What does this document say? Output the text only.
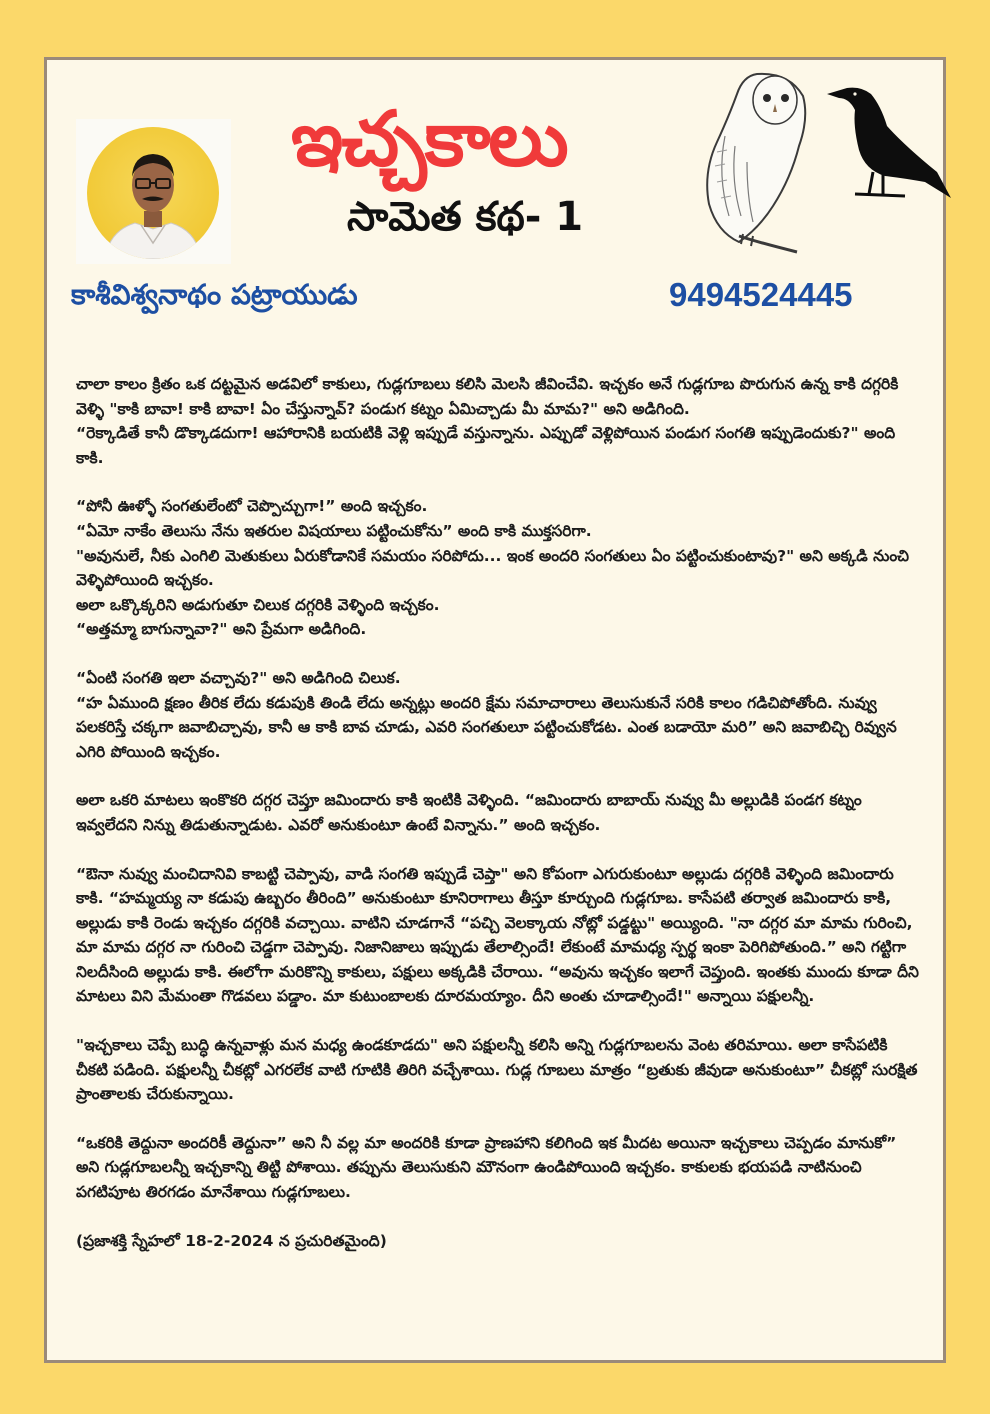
ఇచ్చకాలు
సామెత కథ- 1
కాశీవిశ్వనాథం పట్రాయుడు	9494524445

చాలా కాలం క్రితం ఒక దట్టమైన అడవిలో కాకులు, గుడ్లగూబలు కలిసి మెలసి జీవించేవి. ఇచ్చకం అనే గుడ్లగూబ పొరుగున ఉన్న కాకి దగ్గరికి వెళ్ళి "కాకి బావా! కాకి బావా! ఏం చేస్తున్నావ్? పండుగ కట్నం ఏమిచ్చాడు మీ మామ?" అని అడిగింది.
“రెక్కాడితే కానీ డొక్కాడదుగా! ఆహారానికి బయటికి వెళ్లి ఇప్పుడే వస్తున్నాను. ఎప్పుడో వెళ్లిపోయిన పండుగ సంగతి ఇప్పుడెందుకు?" అంది కాకి.

“పోనీ ఊళ్ళో సంగతులేంటో చెప్పొచ్చుగా!” అంది ఇచ్చకం.
“ఏమో నాకేం తెలుసు నేను ఇతరుల విషయాలు పట్టించుకోను” అంది కాకి ముక్తసరిగా.
"అవునులే, నీకు ఎంగిలి మెతుకులు ఏరుకోడానికే సమయం సరిపోదు... ఇంక అందరి సంగతులు ఏం పట్టించుకుంటావు?" అని అక్కడి నుంచి వెళ్ళిపోయింది ఇచ్చకం.
అలా ఒక్కొక్కరిని అడుగుతూ చిలుక దగ్గరికి వెళ్ళింది ఇచ్చకం.
“అత్తమ్మా బాగున్నావా?" అని ప్రేమగా అడిగింది.

“ఏంటి సంగతి ఇలా వచ్చావు?" అని అడిగింది చిలుక.
“హ ఏముంది క్షణం తీరిక లేదు కడుపుకి తిండి లేదు అన్నట్లు అందరి క్షేమ సమాచారాలు తెలుసుకునే సరికి కాలం గడిచిపోతోంది. నువ్వు పలకరిస్తే చక్కగా జవాబిచ్చావు, కానీ ఆ కాకి బావ చూడు, ఎవరి సంగతులూ పట్టించుకోడట. ఎంత బడాయో మరి” అని జవాబిచ్చి రివ్వున ఎగిరి పోయింది ఇచ్చకం.

అలా ఒకరి మాటలు ఇంకొకరి దగ్గర చెప్తూ జమిందారు కాకి ఇంటికి వెళ్ళింది. “జమిందారు బాబాయ్ నువ్వు మీ అల్లుడికి పండగ కట్నం ఇవ్వలేదని నిన్ను తిడుతున్నాడుట. ఎవరో అనుకుంటూ ఉంటే విన్నాను.” అంది ఇచ్చకం.

“ఔనా నువ్వు మంచిదానివి కాబట్టి చెప్పావు, వాడి సంగతి ఇప్పుడే చెప్తా" అని కోపంగా ఎగురుకుంటూ అల్లుడు దగ్గరికి వెళ్ళింది జమిందారు కాకి. “హమ్మయ్య నా కడుపు ఉబ్బరం తీరింది” అనుకుంటూ కూనిరాగాలు తీస్తూ కూర్చుంది గుడ్లగూబ. కాసేపటి తర్వాత జమిందారు కాకి, అల్లుడు కాకి రెండు ఇచ్చకం దగ్గరికి వచ్చాయి. వాటిని చూడగానే “పచ్చి వెలక్కాయ నోట్లో పడ్డట్టు" అయ్యింది. "నా దగ్గర మా మామ గురించి, మా మామ దగ్గర నా గురించి చెడ్డగా చెప్పావు. నిజానిజాలు ఇప్పుడు తేలాల్సిందే! లేకుంటే మామధ్య స్పర్థ ఇంకా పెరిగిపోతుంది.” అని గట్టిగా నిలదీసింది అల్లుడు కాకి. ఈలోగా మరికొన్ని కాకులు, పక్షులు అక్కడికి చేరాయి. “అవును ఇచ్చకం ఇలాగే చెప్తుంది. ఇంతకు ముందు కూడా దీని మాటలు విని మేమంతా గొడవలు పడ్డాం. మా కుటుంబాలకు దూరమయ్యాం. దీని అంతు చూడాల్సిందే!" అన్నాయి పక్షులన్నీ.

"ఇచ్చకాలు చెప్పే బుద్ధి ఉన్నవాళ్లు మన మధ్య ఉండకూడదు" అని పక్షులన్నీ కలిసి అన్ని గుడ్లగూబలను వెంట తరిమాయి. అలా కాసేపటికి చీకటి పడింది. పక్షులన్నీ చీకట్లో ఎగరలేక వాటి గూటికి తిరిగి వచ్చేశాయి. గుడ్ల గూబలు మాత్రం “బ్రతుకు జీవుడా అనుకుంటూ” చీకట్లో సురక్షిత ప్రాంతాలకు చేరుకున్నాయి.

“ఒకరికి తెద్దునా అందరికీ తెద్దునా” అని నీ వల్ల మా అందరికి కూడా ప్రాణహాని కలిగింది ఇక మీదట అయినా ఇచ్చకాలు చెప్పడం మానుకో” అని గుడ్లగూబలన్నీ ఇచ్చకాన్ని తిట్టి పోశాయి. తప్పును తెలుసుకుని మౌనంగా ఉండిపోయింది ఇచ్చకం. కాకులకు భయపడి నాటినుంచి పగటిపూట తిరగడం మానేశాయి గుడ్లగూబలు.

(ప్రజాశక్తి స్నేహలో 18-2-2024 న ప్రచురితమైంది)
